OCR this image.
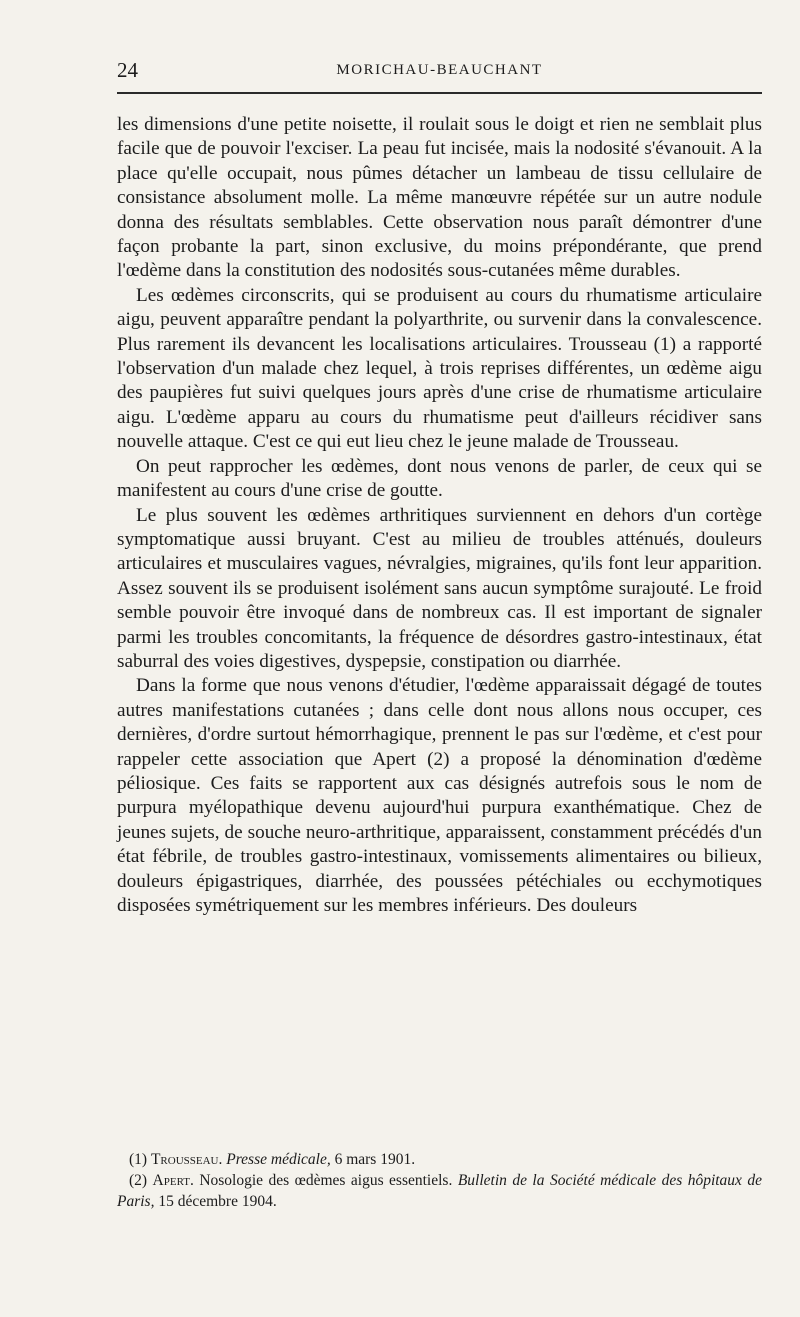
24	MORICHAU-BEAUCHANT

les dimensions d'une petite noisette, il roulait sous le doigt et rien ne semblait plus facile que de pouvoir l'exciser. La peau fut incisée, mais la nodosité s'évanouit. A la place qu'elle occupait, nous pûmes détacher un lambeau de tissu cellulaire de consistance absolument molle. La même manœuvre répétée sur un autre nodule donna des résultats semblables. Cette observation nous paraît démontrer d'une façon probante la part, sinon exclusive, du moins prépondérante, que prend l'œdème dans la constitution des nodosités sous-cutanées même durables.

Les œdèmes circonscrits, qui se produisent au cours du rhumatisme articulaire aigu, peuvent apparaître pendant la polyarthrite, ou survenir dans la convalescence. Plus rarement ils devancent les localisations articulaires. Trousseau (1) a rapporté l'observation d'un malade chez lequel, à trois reprises différentes, un œdème aigu des paupières fut suivi quelques jours après d'une crise de rhumatisme articulaire aigu. L'œdème apparu au cours du rhumatisme peut d'ailleurs récidiver sans nouvelle attaque. C'est ce qui eut lieu chez le jeune malade de Trousseau.

On peut rapprocher les œdèmes, dont nous venons de parler, de ceux qui se manifestent au cours d'une crise de goutte.

Le plus souvent les œdèmes arthritiques surviennent en dehors d'un cortège symptomatique aussi bruyant. C'est au milieu de troubles atténués, douleurs articulaires et musculaires vagues, névralgies, migraines, qu'ils font leur apparition. Assez souvent ils se produisent isolément sans aucun symptôme surajouté. Le froid semble pouvoir être invoqué dans de nombreux cas. Il est important de signaler parmi les troubles concomitants, la fréquence de désordres gastro-intestinaux, état saburral des voies digestives, dyspepsie, constipation ou diarrhée.

Dans la forme que nous venons d'étudier, l'œdème apparaissait dégagé de toutes autres manifestations cutanées ; dans celle dont nous allons nous occuper, ces dernières, d'ordre surtout hémorrhagique, prennent le pas sur l'œdème, et c'est pour rappeler cette association que Apert (2) a proposé la dénomination d'œdème péliosique. Ces faits se rapportent aux cas désignés autrefois sous le nom de purpura myélopathique devenu aujourd'hui purpura exanthématique. Chez de jeunes sujets, de souche neuro-arthritique, apparaissent, constamment précédés d'un état fébrile, de troubles gastro-intestinaux, vomissements alimentaires ou bilieux, douleurs épigastriques, diarrhée, des poussées pétéchiales ou ecchymotiques disposées symétriquement sur les membres inférieurs. Des douleurs

(1) Trousseau. Presse médicale, 6 mars 1901.

(2) Apert. Nosologie des œdèmes aigus essentiels. Bulletin de la Société médicale des hôpitaux de Paris, 15 décembre 1904.
